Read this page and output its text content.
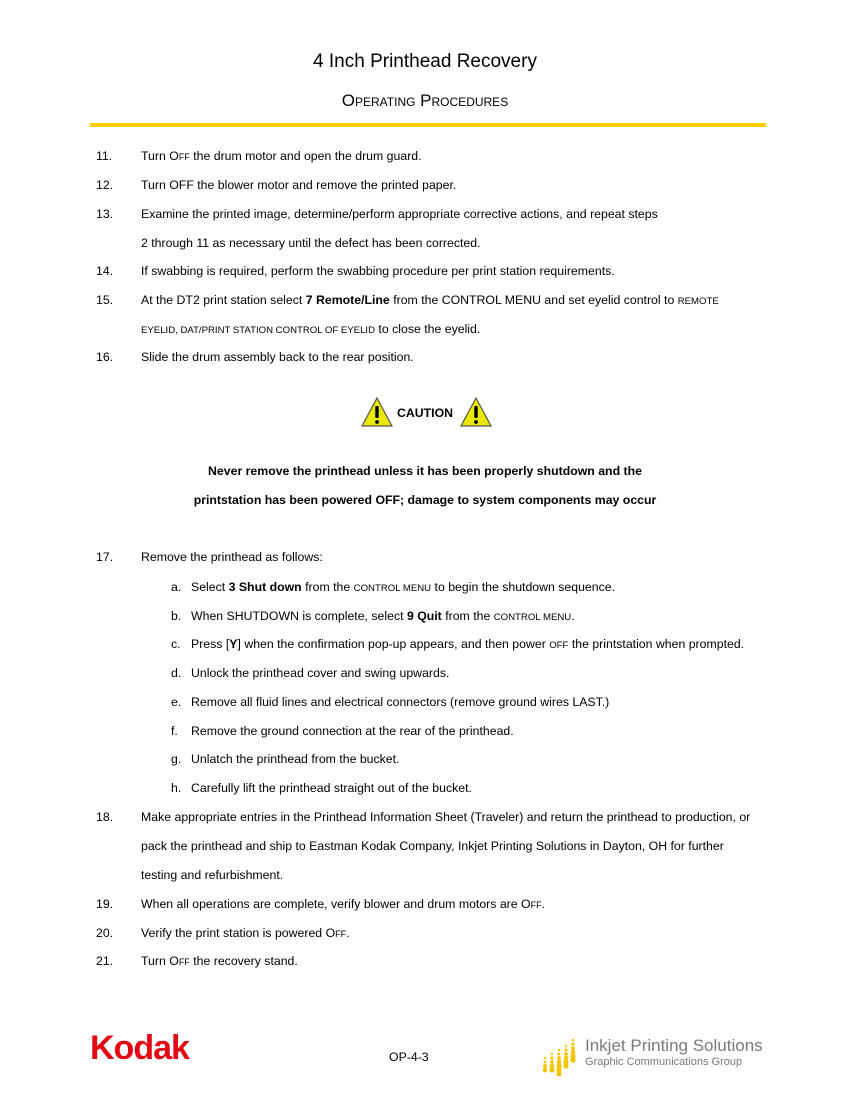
4 Inch Printhead Recovery
Operating Procedures
11. Turn Off the drum motor and open the drum guard.
12. Turn OFF the blower motor and remove the printed paper.
13. Examine the printed image, determine/perform appropriate corrective actions, and repeat steps
2 through 11 as necessary until the defect has been corrected.
14. If swabbing is required, perform the swabbing procedure per print station requirements.
15. At the DT2 print station select 7 Remote/Line from the CONTROL MENU and set eyelid control to REMOTE
EYELID, DAT/PRINT STATION CONTROL OF EYELID to close the eyelid.
16. Slide the drum assembly back to the rear position.
CAUTION
Never remove the printhead unless it has been properly shutdown and the
printstation has been powered OFF; damage to system components may occur
17. Remove the printhead as follows:
a. Select 3 Shut down from the CONTROL MENU to begin the shutdown sequence.
b. When SHUTDOWN is complete, select 9 Quit from the CONTROL MENU.
c. Press [Y] when the confirmation pop-up appears, and then power OFF the printstation when prompted.
d. Unlock the printhead cover and swing upwards.
e. Remove all fluid lines and electrical connectors (remove ground wires LAST.)
f. Remove the ground connection at the rear of the printhead.
g. Unlatch the printhead from the bucket.
h. Carefully lift the printhead straight out of the bucket.
18. Make appropriate entries in the Printhead Information Sheet (Traveler) and return the printhead to production, or
pack the printhead and ship to Eastman Kodak Company, Inkjet Printing Solutions in Dayton, OH for further
testing and refurbishment.
19. When all operations are complete, verify blower and drum motors are Off.
20. Verify the print station is powered Off.
21. Turn Off the recovery stand.
Kodak	OP-4-3
Inkjet Printing Solutions
Graphic Communications Group
